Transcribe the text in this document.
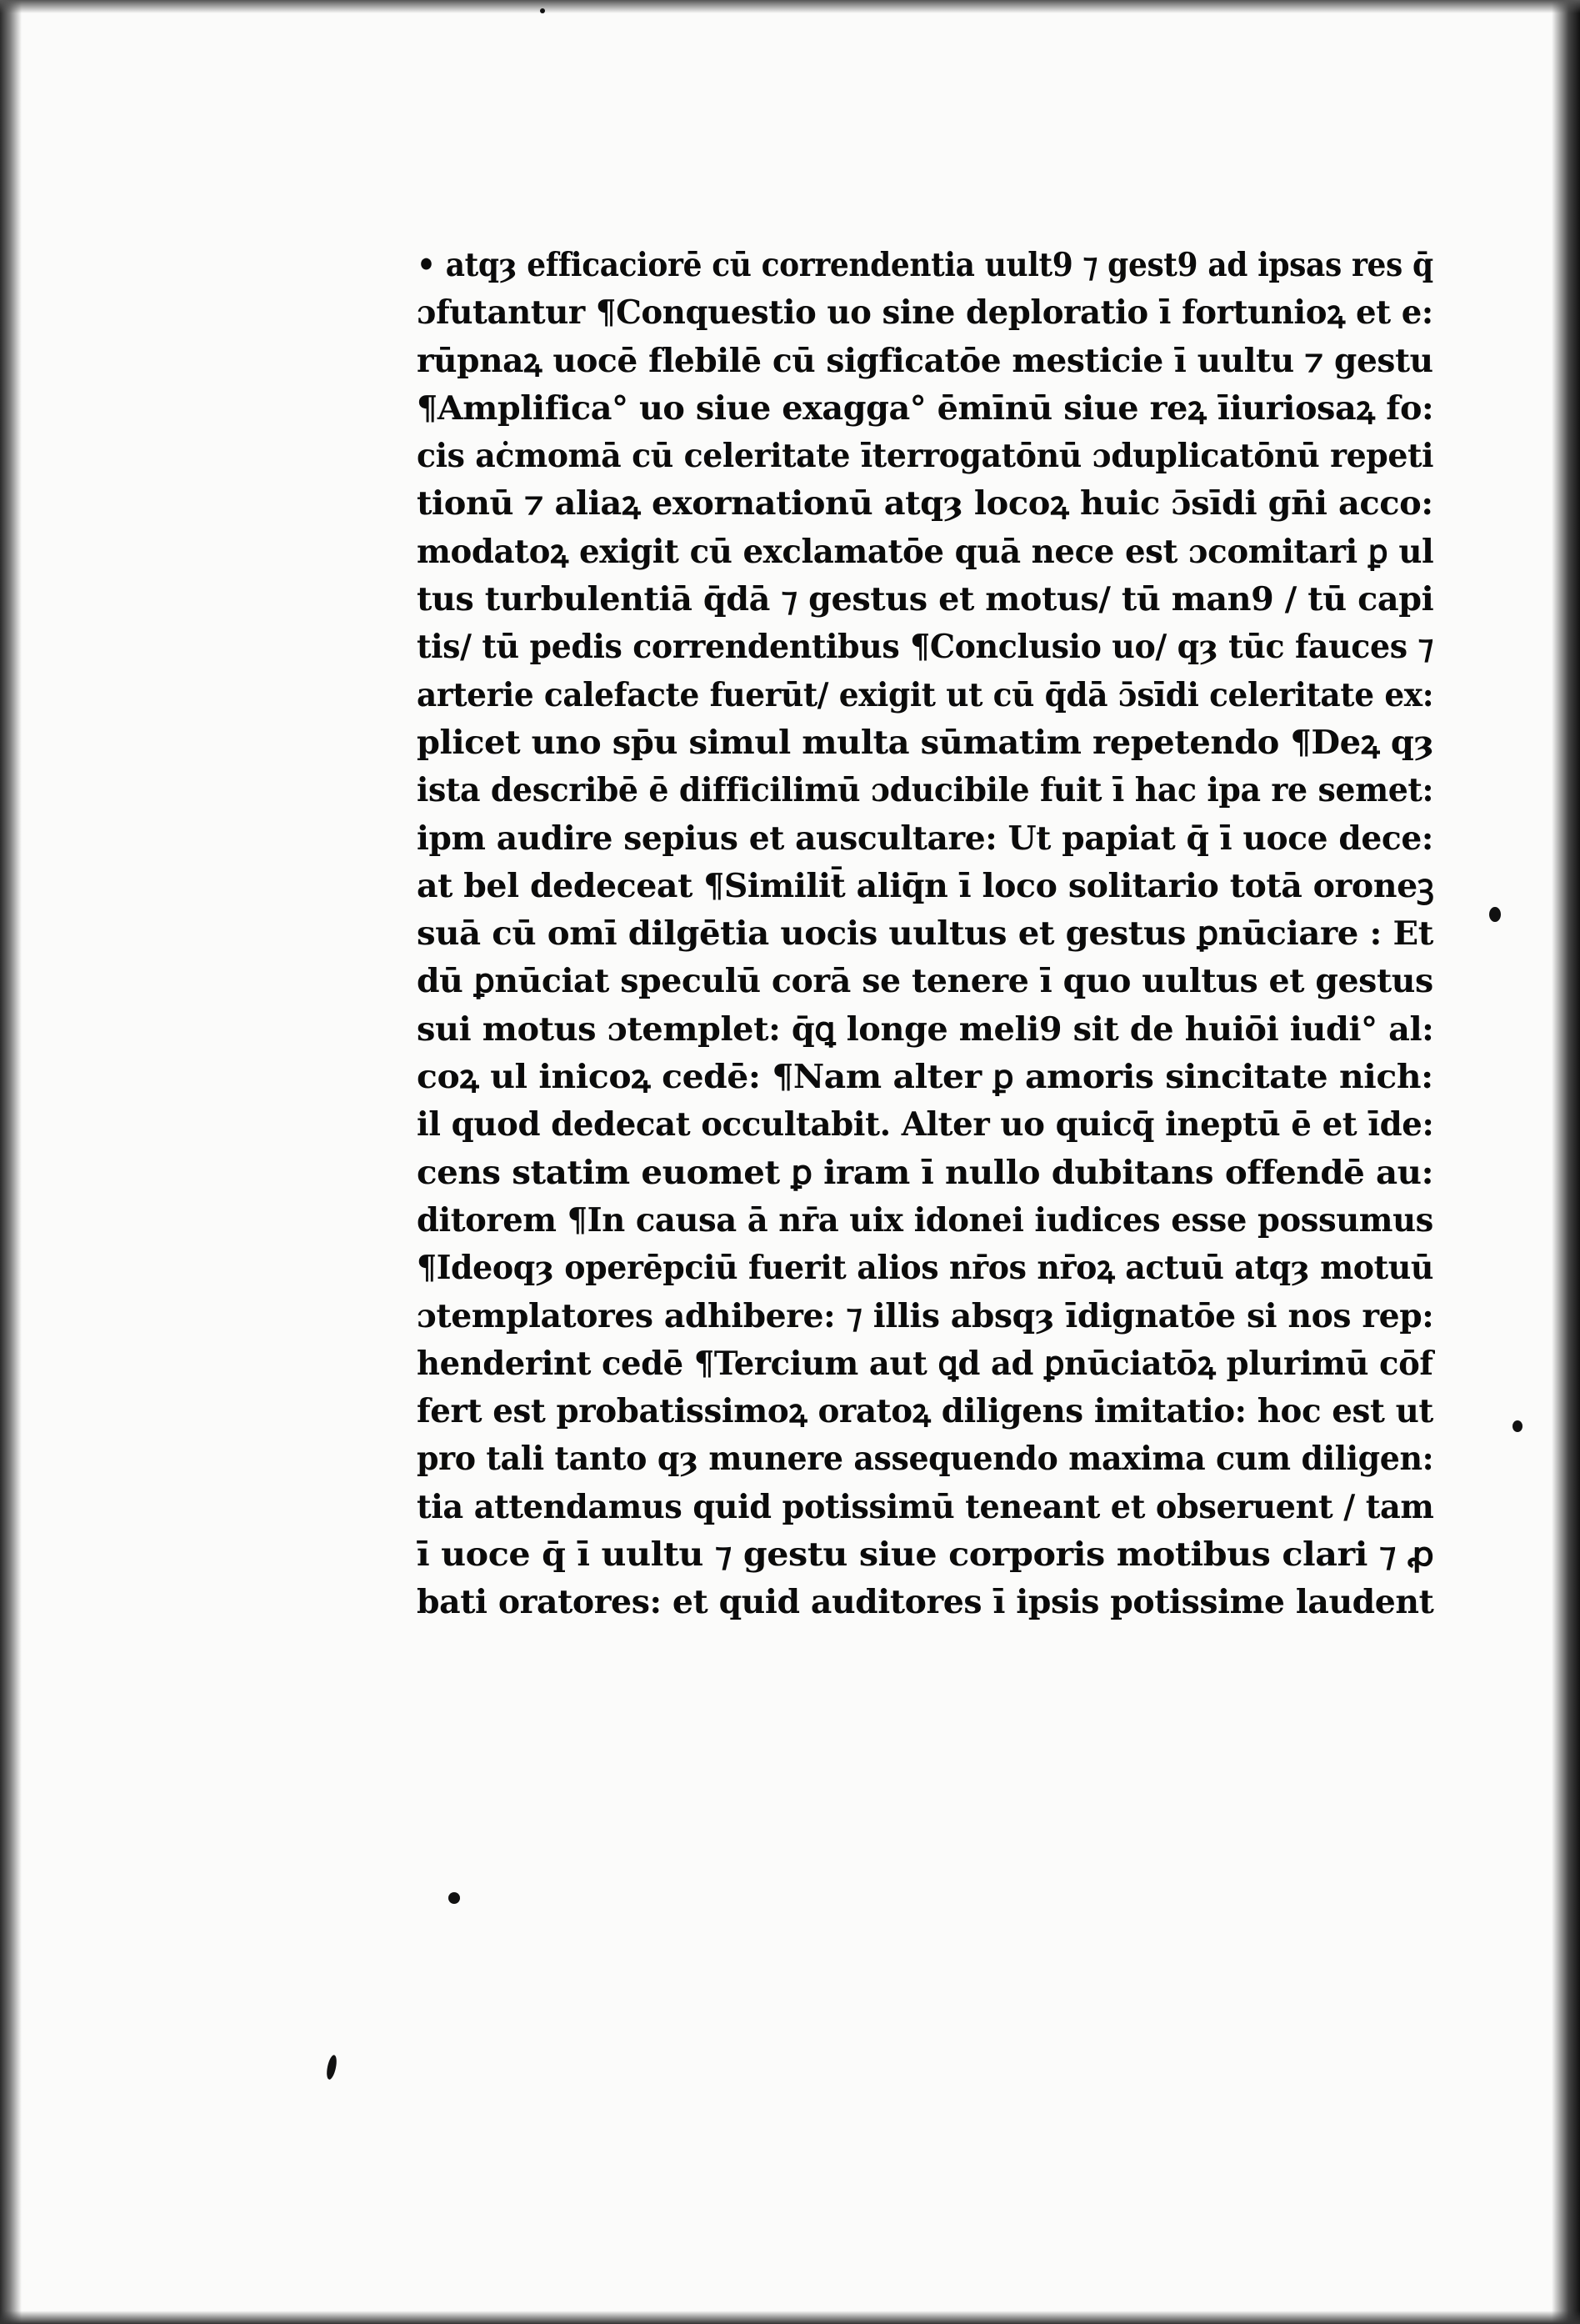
• atqȝ efficaciorē cū correndentia uult9 ⁊ gest9 ad ipsas res q̄
ɔfutantur ¶Conquestio uo sine deploratio ī fortunioꝝ et e:
rūpnaꝝ uocē flebilē cū sigficatōe mesticie ī uultu ⁊ gestu
¶Amplifica° uo siue exagga° ēmīnū siue reꝝ īiuriosaꝝ fo:
cis aċmomā cū celeritate īterrogatōnū ɔduplicatōnū repeti
tionū ⁊ aliaꝝ exornationū atqȝ locoꝝ huic ɔ̄sīdi gn̄i acco:
modatoꝝ exigit cū exclamatōe quā nece est ɔcomitari ꝑ ul
tus turbulentiā q̄dā ⁊ gestus et motus/ tū man9 / tū capi
tis/ tū pedis correndentibus ¶Conclusio uo/ qȝ tūc fauces ⁊
arterie calefacte fuerūt/ exigit ut cū q̄dā ɔ̄sīdi celeritate ex:
plicet uno sp̄u simul multa sūmatim repetendo ¶Deꝝ qȝ
ista describē ē difficilimū ɔducibile fuit ī hac ipa re semet:
ipm audire sepius et auscultare: Ut papiat q̄ ī uoce dece:
at bel dedeceat ¶Similit̄ aliq̄n ī loco solitario totā oroneꝫ
suā cū omī dilgētia uocis uultus et gestus ꝑnūciare : Et
dū ꝑnūciat speculū corā se tenere ī quo uultus et gestus
sui motus ɔtemplet: q̄ꝗ longe meli9 sit de huiōi iudi° al:
coꝝ ul inicoꝝ cedē: ¶Nam alter ꝑ amoris sincitate nich:
il quod dedecat occultabit. Alter uo quicq̄ ineptū ē et īde:
cens statim euomet ꝑ iram ī nullo dubitans offendē au:
ditorem ¶In causa ā nr̄a uix idonei iudices esse possumus
¶Ideoqȝ operēpciū fuerit alios nr̄os nr̄oꝝ actuū atqȝ motuū
ɔtemplatores adhibere: ⁊ illis absqȝ īdignatōe si nos rep:
henderint cedē ¶Tercium aut ꝗd ad ꝑnūciatōꝝ plurimū cōf
fert est probatissimoꝝ oratoꝝ diligens imitatio: hoc est ut
pro tali tanto qȝ munere assequendo maxima cum diligen:
tia attendamus quid potissimū teneant et obseruent / tam
ī uoce q̄ ī uultu ⁊ gestu siue corporis motibus clari ⁊ ꝓ
bati oratores: et quid auditores ī ipsis potissime laudent
